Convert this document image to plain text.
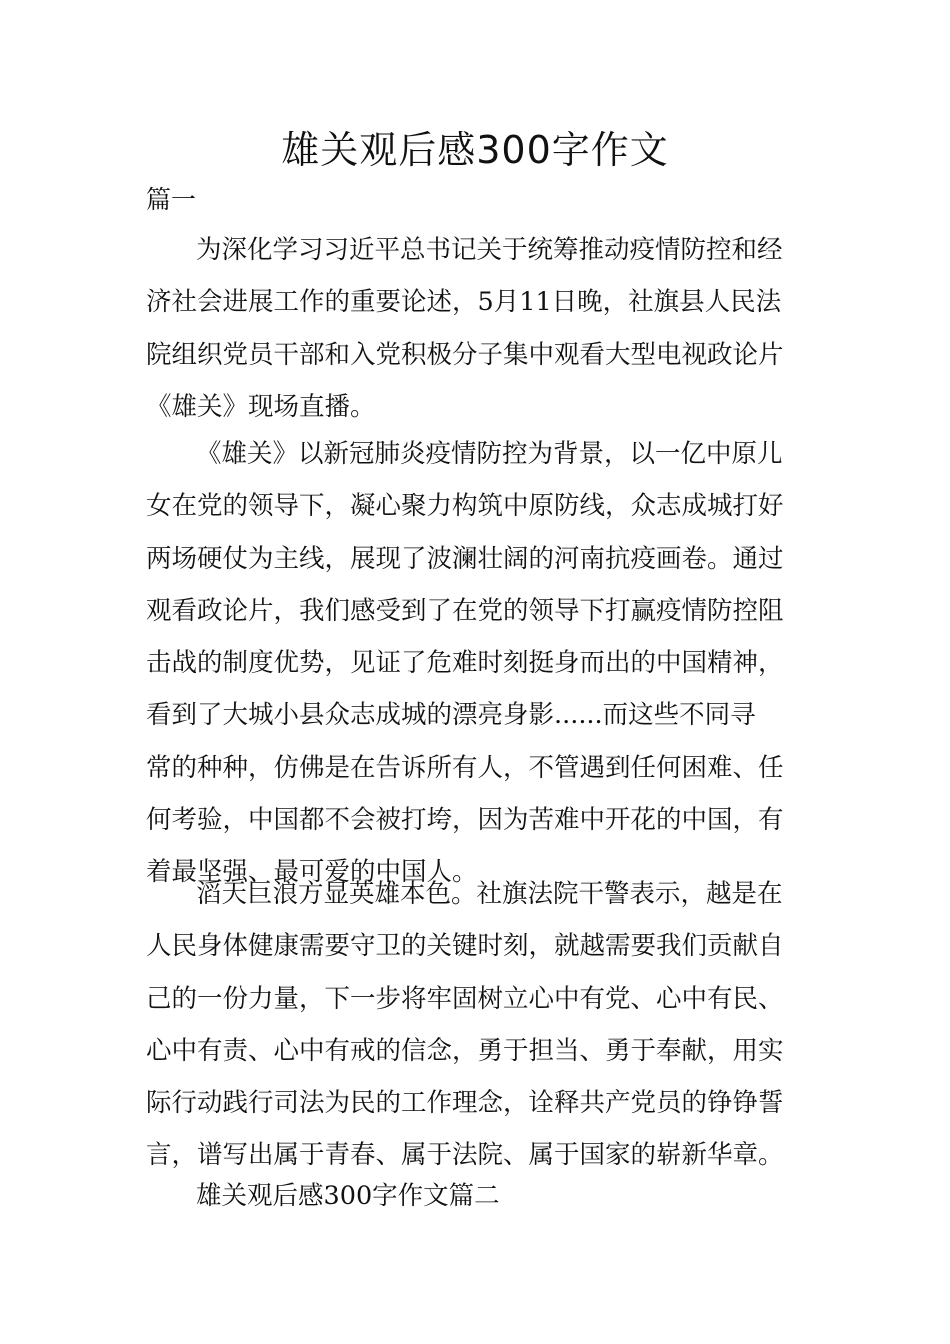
雄关观后感300字作文
篇一
为深化学习习近平总书记关于统筹推动疫情防控和经
济社会进展工作的重要论述，5月11日晚，社旗县人民法
院组织党员干部和入党积极分子集中观看大型电视政论片
《雄关》现场直播。
《雄关》以新冠肺炎疫情防控为背景，以一亿中原儿
女在党的领导下，凝心聚力构筑中原防线，众志成城打好
两场硬仗为主线，展现了波澜壮阔的河南抗疫画卷。通过
观看政论片，我们感受到了在党的领导下打赢疫情防控阻
击战的制度优势，见证了危难时刻挺身而出的中国精神，
看到了大城小县众志成城的漂亮身影......而这些不同寻
常的种种，仿佛是在告诉所有人，不管遇到任何困难、任
何考验，中国都不会被打垮，因为苦难中开花的中国，有
着最坚强、最可爱的中国人。
滔天巨浪方显英雄本色。社旗法院干警表示，越是在
人民身体健康需要守卫的关键时刻，就越需要我们贡献自
己的一份力量，下一步将牢固树立心中有党、心中有民、
心中有责、心中有戒的信念，勇于担当、勇于奉献，用实
际行动践行司法为民的工作理念，诠释共产党员的铮铮誓
言，谱写出属于青春、属于法院、属于国家的崭新华章。
雄关观后感300字作文篇二
